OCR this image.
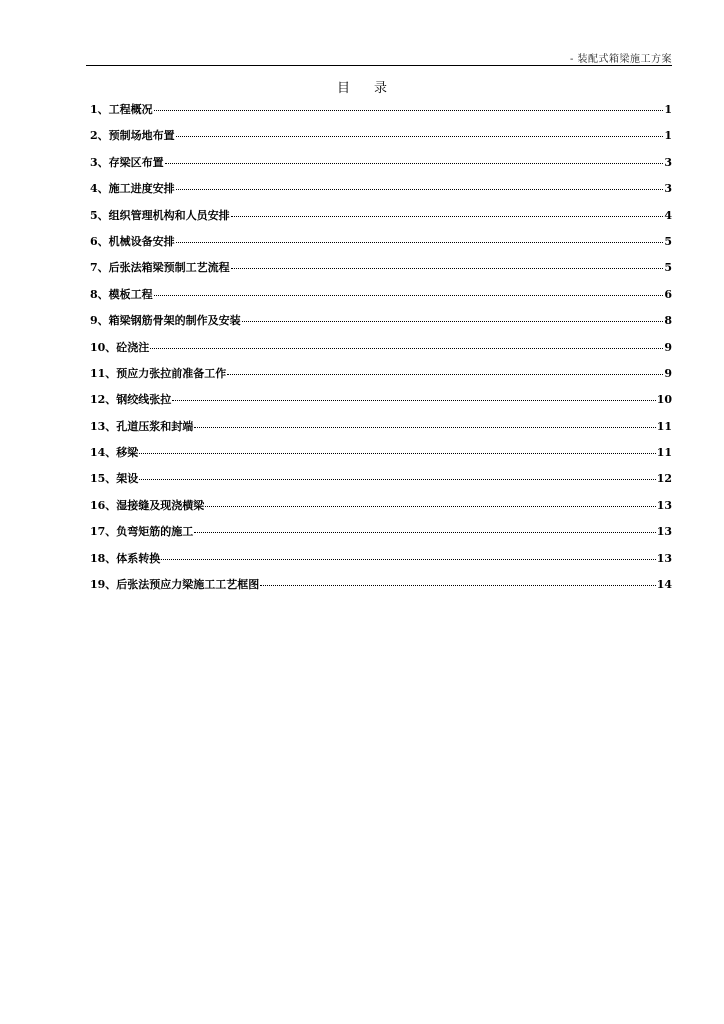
- 装配式箱梁施工方案
目录
1、工程概况	1
2、预制场地布置	1
3、存梁区布置	3
4、施工进度安排	3
5、组织管理机构和人员安排	4
6、机械设备安排	5
7、后张法箱梁预制工艺流程	5
8、模板工程	6
9、箱梁钢筋骨架的制作及安装	8
10、砼浇注	9
11、预应力张拉前准备工作	9
12、钢绞线张拉	10
13、孔道压浆和封端	11
14、移梁	11
15、架设	12
16、湿接缝及现浇横梁	13
17、负弯矩筋的施工	13
18、体系转换	13
19、后张法预应力梁施工工艺框图	14
